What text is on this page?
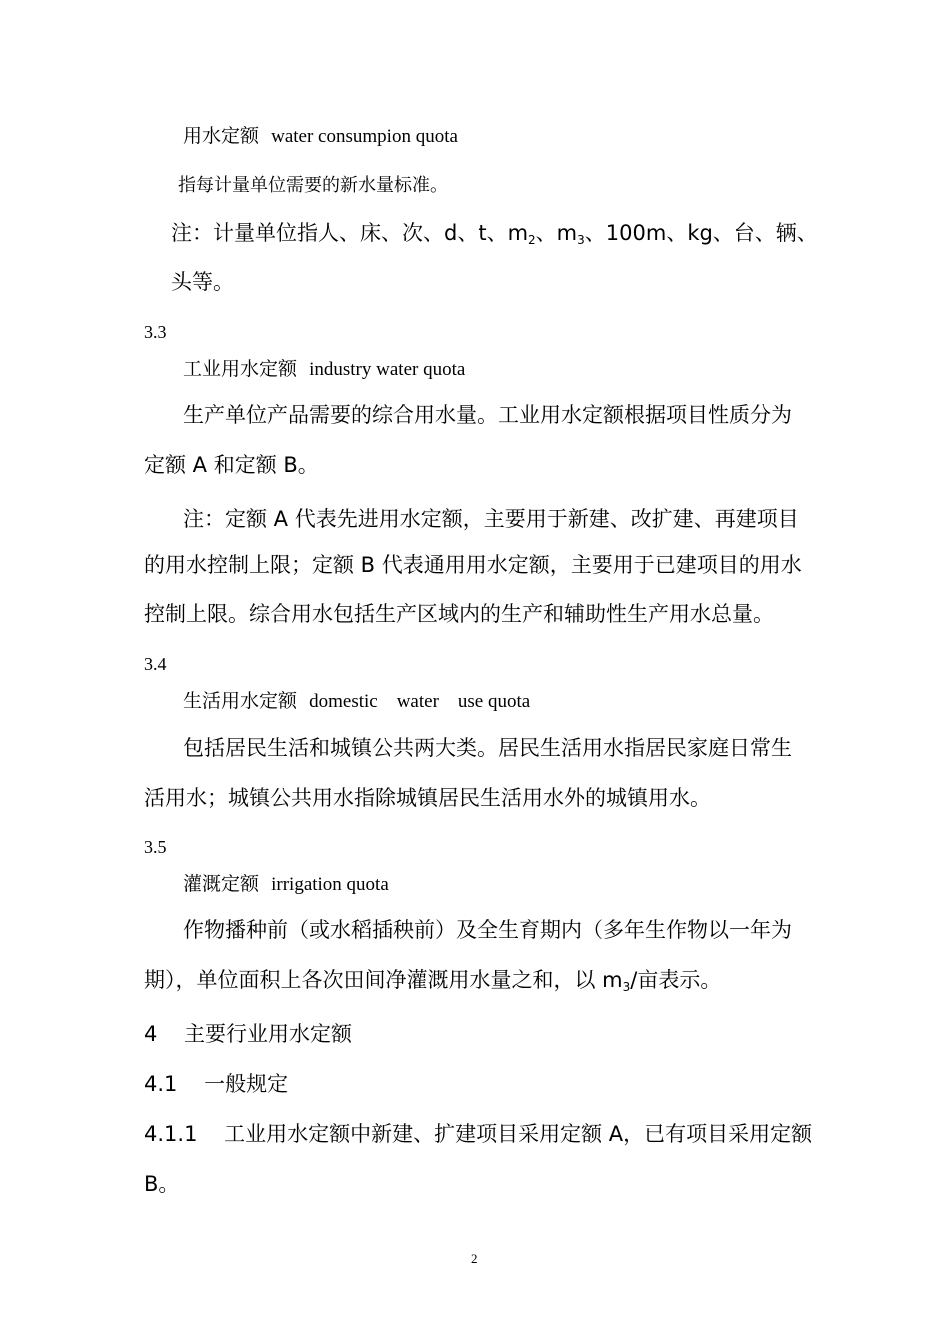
用水定额 water consumpion quota
指每计量单位需要的新水量标准。
注：计量单位指人、床、次、d、t、$m_2$、$m_3$、100m、kg、台、辆、
头等。
3.3
工业用水定额 industry water quota
生产单位产品需要的综合用水量。工业用水定额根据项目性质分为
定额 A 和定额 B。
注：定额 A 代表先进用水定额，主要用于新建、改扩建、再建项目
的用水控制上限；定额 B 代表通用用水定额，主要用于已建项目的用水
控制上限。综合用水包括生产区域内的生产和辅助性生产用水总量。
3.4
生活用水定额 domestic    water    use quota
包括居民生活和城镇公共两大类。居民生活用水指居民家庭日常生
活用水；城镇公共用水指除城镇居民生活用水外的城镇用水。
3.5
灌溉定额 irrigation quota
作物播种前（或水稻插秧前）及全生育期内（多年生作物以一年为
期），单位面积上各次田间净灌溉用水量之和，以 $m_3/$亩表示。
4    主要行业用水定额
4.1    一般规定
4.1.1    工业用水定额中新建、扩建项目采用定额 A，已有项目采用定额
B。
2
